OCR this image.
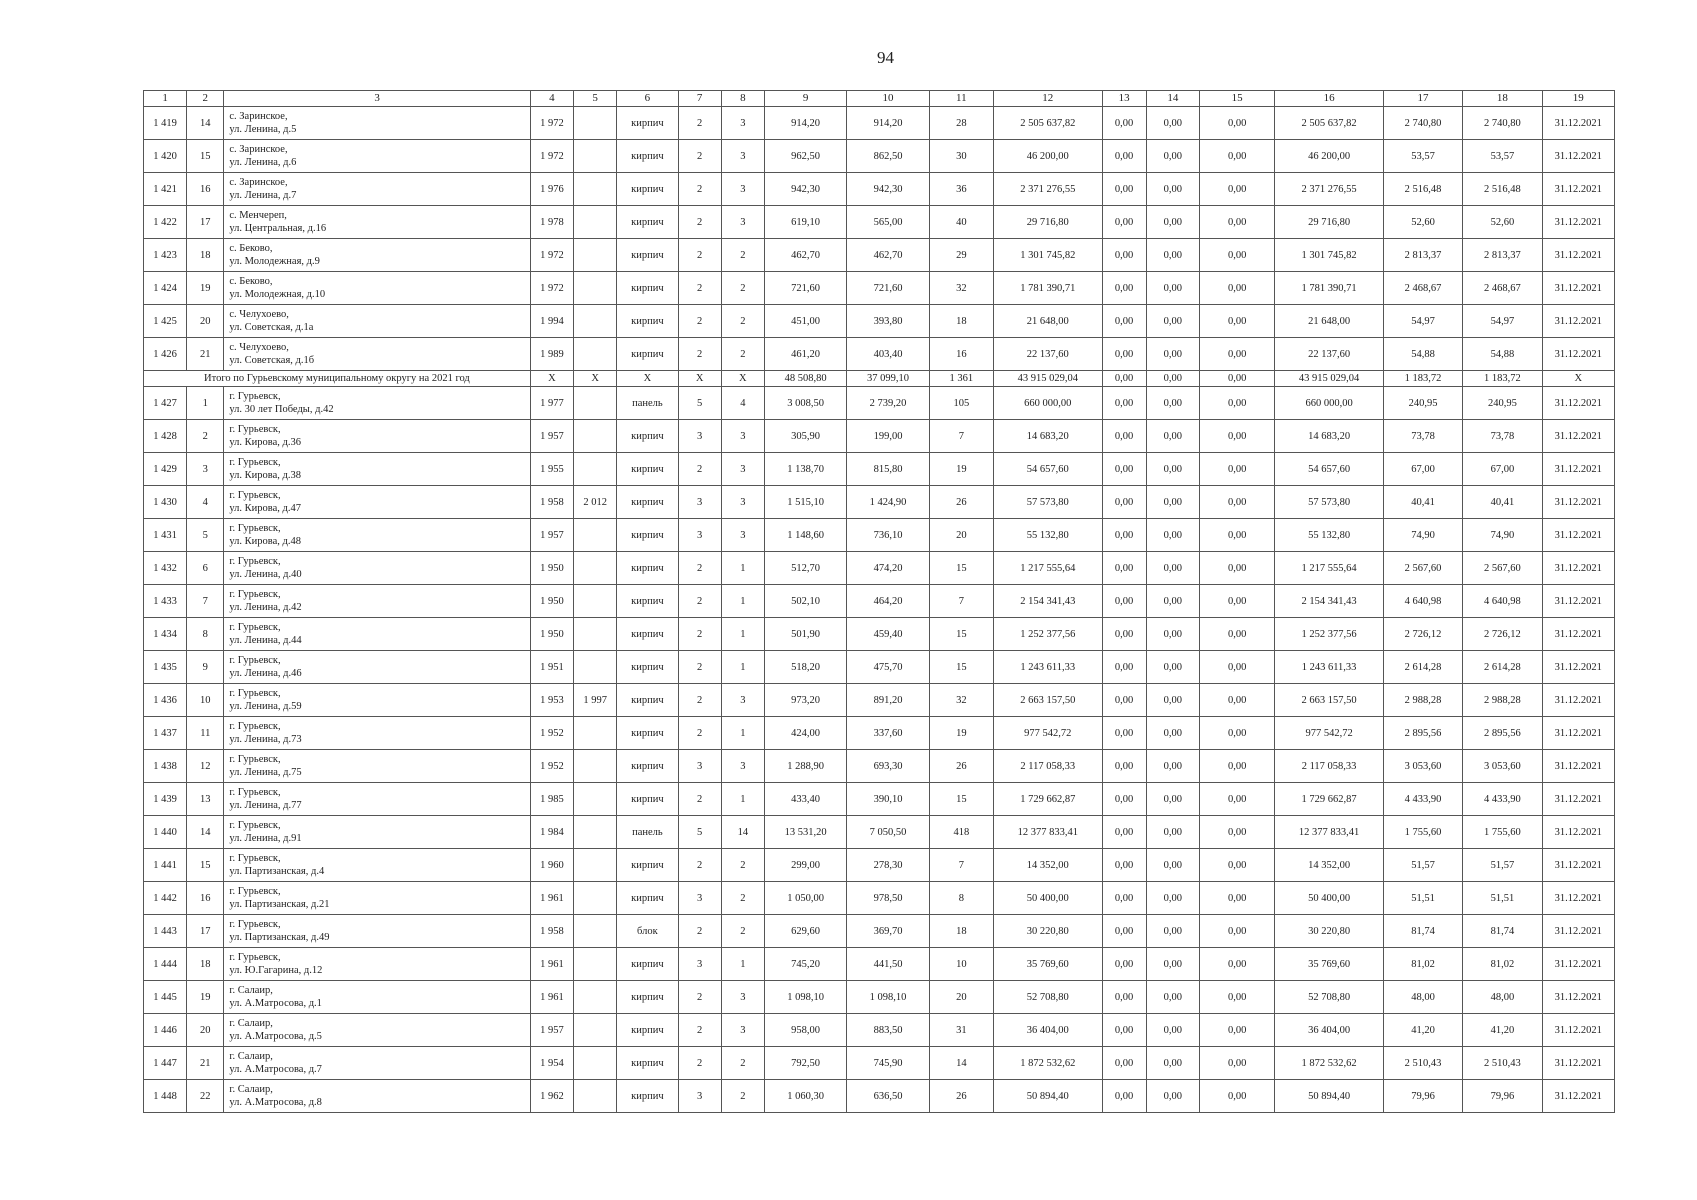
94
1	2	3	4	5	6	7	8	9	10	11	12	13	14	15	16	17	18	19
1 419	14	с. Заринское,
ул. Ленина, д.5	1 972		кирпич	2	3	914,20	914,20	28	2 505 637,82	0,00	0,00	0,00	2 505 637,82	2 740,80	2 740,80	31.12.2021
1 420	15	с. Заринское,
ул. Ленина, д.6	1 972		кирпич	2	3	962,50	862,50	30	46 200,00	0,00	0,00	0,00	46 200,00	53,57	53,57	31.12.2021
1 421	16	с. Заринское,
ул. Ленина, д.7	1 976		кирпич	2	3	942,30	942,30	36	2 371 276,55	0,00	0,00	0,00	2 371 276,55	2 516,48	2 516,48	31.12.2021
1 422	17	с. Менчереп,
ул. Центральная, д.16	1 978		кирпич	2	3	619,10	565,00	40	29 716,80	0,00	0,00	0,00	29 716,80	52,60	52,60	31.12.2021
1 423	18	с. Беково,
ул. Молодежная, д.9	1 972		кирпич	2	2	462,70	462,70	29	1 301 745,82	0,00	0,00	0,00	1 301 745,82	2 813,37	2 813,37	31.12.2021
1 424	19	с. Беково,
ул. Молодежная, д.10	1 972		кирпич	2	2	721,60	721,60	32	1 781 390,71	0,00	0,00	0,00	1 781 390,71	2 468,67	2 468,67	31.12.2021
1 425	20	с. Челухоево,
ул. Советская, д.1а	1 994		кирпич	2	2	451,00	393,80	18	21 648,00	0,00	0,00	0,00	21 648,00	54,97	54,97	31.12.2021
1 426	21	с. Челухоево,
ул. Советская, д.1б	1 989		кирпич	2	2	461,20	403,40	16	22 137,60	0,00	0,00	0,00	22 137,60	54,88	54,88	31.12.2021
Итого по Гурьевскому муниципальному округу на 2021 год			X	X	X	X	X	48 508,80	37 099,10	1 361	43 915 029,04	0,00	0,00	0,00	43 915 029,04	1 183,72	1 183,72	X
1 427	1	г. Гурьевск,
ул. 30 лет Победы, д.42	1 977		панель	5	4	3 008,50	2 739,20	105	660 000,00	0,00	0,00	0,00	660 000,00	240,95	240,95	31.12.2021
1 428	2	г. Гурьевск,
ул. Кирова, д.36	1 957		кирпич	3	3	305,90	199,00	7	14 683,20	0,00	0,00	0,00	14 683,20	73,78	73,78	31.12.2021
1 429	3	г. Гурьевск,
ул. Кирова, д.38	1 955		кирпич	2	3	1 138,70	815,80	19	54 657,60	0,00	0,00	0,00	54 657,60	67,00	67,00	31.12.2021
1 430	4	г. Гурьевск,
ул. Кирова, д.47	1 958	2 012	кирпич	3	3	1 515,10	1 424,90	26	57 573,80	0,00	0,00	0,00	57 573,80	40,41	40,41	31.12.2021
1 431	5	г. Гурьевск,
ул. Кирова, д.48	1 957		кирпич	3	3	1 148,60	736,10	20	55 132,80	0,00	0,00	0,00	55 132,80	74,90	74,90	31.12.2021
1 432	6	г. Гурьевск,
ул. Ленина, д.40	1 950		кирпич	2	1	512,70	474,20	15	1 217 555,64	0,00	0,00	0,00	1 217 555,64	2 567,60	2 567,60	31.12.2021
1 433	7	г. Гурьевск,
ул. Ленина, д.42	1 950		кирпич	2	1	502,10	464,20	7	2 154 341,43	0,00	0,00	0,00	2 154 341,43	4 640,98	4 640,98	31.12.2021
1 434	8	г. Гурьевск,
ул. Ленина, д.44	1 950		кирпич	2	1	501,90	459,40	15	1 252 377,56	0,00	0,00	0,00	1 252 377,56	2 726,12	2 726,12	31.12.2021
1 435	9	г. Гурьевск,
ул. Ленина, д.46	1 951		кирпич	2	1	518,20	475,70	15	1 243 611,33	0,00	0,00	0,00	1 243 611,33	2 614,28	2 614,28	31.12.2021
1 436	10	г. Гурьевск,
ул. Ленина, д.59	1 953	1 997	кирпич	2	3	973,20	891,20	32	2 663 157,50	0,00	0,00	0,00	2 663 157,50	2 988,28	2 988,28	31.12.2021
1 437	11	г. Гурьевск,
ул. Ленина, д.73	1 952		кирпич	2	1	424,00	337,60	19	977 542,72	0,00	0,00	0,00	977 542,72	2 895,56	2 895,56	31.12.2021
1 438	12	г. Гурьевск,
ул. Ленина, д.75	1 952		кирпич	3	3	1 288,90	693,30	26	2 117 058,33	0,00	0,00	0,00	2 117 058,33	3 053,60	3 053,60	31.12.2021
1 439	13	г. Гурьевск,
ул. Ленина, д.77	1 985		кирпич	2	1	433,40	390,10	15	1 729 662,87	0,00	0,00	0,00	1 729 662,87	4 433,90	4 433,90	31.12.2021
1 440	14	г. Гурьевск,
ул. Ленина, д.91	1 984		панель	5	14	13 531,20	7 050,50	418	12 377 833,41	0,00	0,00	0,00	12 377 833,41	1 755,60	1 755,60	31.12.2021
1 441	15	г. Гурьевск,
ул. Партизанская, д.4	1 960		кирпич	2	2	299,00	278,30	7	14 352,00	0,00	0,00	0,00	14 352,00	51,57	51,57	31.12.2021
1 442	16	г. Гурьевск,
ул. Партизанская, д.21	1 961		кирпич	3	2	1 050,00	978,50	8	50 400,00	0,00	0,00	0,00	50 400,00	51,51	51,51	31.12.2021
1 443	17	г. Гурьевск,
ул. Партизанская, д.49	1 958		блок	2	2	629,60	369,70	18	30 220,80	0,00	0,00	0,00	30 220,80	81,74	81,74	31.12.2021
1 444	18	г. Гурьевск,
ул. Ю.Гагарина, д.12	1 961		кирпич	3	1	745,20	441,50	10	35 769,60	0,00	0,00	0,00	35 769,60	81,02	81,02	31.12.2021
1 445	19	г. Салаир,
ул. А.Матросова, д.1	1 961		кирпич	2	3	1 098,10	1 098,10	20	52 708,80	0,00	0,00	0,00	52 708,80	48,00	48,00	31.12.2021
1 446	20	г. Салаир,
ул. А.Матросова, д.5	1 957		кирпич	2	3	958,00	883,50	31	36 404,00	0,00	0,00	0,00	36 404,00	41,20	41,20	31.12.2021
1 447	21	г. Салаир,
ул. А.Матросова, д.7	1 954		кирпич	2	2	792,50	745,90	14	1 872 532,62	0,00	0,00	0,00	1 872 532,62	2 510,43	2 510,43	31.12.2021
1 448	22	г. Салаир,
ул. А.Матросова, д.8	1 962		кирпич	3	2	1 060,30	636,50	26	50 894,40	0,00	0,00	0,00	50 894,40	79,96	79,96	31.12.2021
